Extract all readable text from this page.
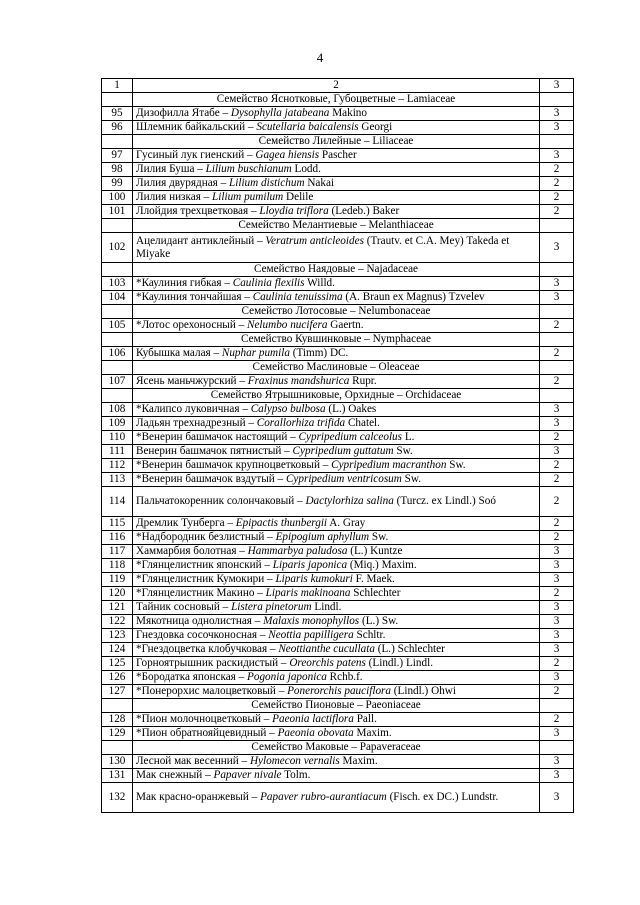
4
1	2	3
	Семейство Яснотковые, Губоцветные – Lamiaceae	
95	Дизофилла Ятабе – Dysophylla jatabeana Makino	3
96	Шлемник байкальский – Scutellaria baicalensis Georgi	3
	Семейство Лилейные – Liliaceae	
97	Гусиный лук гиенский – Gagea hiensis Pascher	3
98	Лилия Буша – Lilium buschianum Lodd.	2
99	Лилия двурядная – Lilium distichum Nakai	2
100	Лилия низкая – Lilium pumilum Delile	2
101	Ллойдия трехцветковая – Lloydia triflora (Ledeb.) Baker	2
	Семейство Мелантиевые – Melanthiaceae	
102	Ацелидант антиклейный – Veratrum anticleoides (Trautv. et C.A. Mey) Takeda et Miyake	3
	Семейство Наядовые – Najadaceae	
103	*Каулиния гибкая – Caulinia flexilis Willd.	3
104	*Каулиния тончайшая – Caulinia tenuissima (A. Braun ex Magnus) Tzvelev	3
	Семейство Лотосовые – Nelumbonaceae	
105	*Лотос орехоносный – Nelumbo nucifera Gaertn.	2
	Семейство Кувшинковые – Nymphaceae	
106	Кубышка малая – Nuphar pumila (Timm) DC.	2
	Семейство Маслиновые – Oleaceae	
107	Ясень маньчжурский – Fraxinus mandshurica Rupr.	2
	Семейство Ятрышниковые, Орхидные – Orchidaceae	
108	*Калипсо луковичная – Calypso bulbosa (L.) Oakes	3
109	Ладьян трехнадрезный – Corallorhiza trifida Chatel.	3
110	*Венерин башмачок настоящий – Cypripedium calceolus L.	2
111	Венерин башмачок пятнистый – Cypripedium guttatum Sw.	3
112	*Венерин башмачок крупноцветковый – Cypripedium macranthon Sw.	2
113	*Венерин башмачок вздутый – Cypripedium ventricosum Sw.	2
114	Пальчатокоренник солончаковый – Dactylorhiza salina (Turcz. ex Lindl.) Soó	2
115	Дремлик Тунберга – Epipactis thunbergii A. Gray	2
116	*Надбородник безлистный – Epipogium aphyllum Sw.	2
117	Хаммарбия болотная – Hammarbya paludosa (L.) Kuntze	3
118	*Глянцелистник японский – Liparis japonica (Miq.) Maxim.	3
119	*Глянцелистник Кумокири – Liparis kumokuri F. Maek.	3
120	*Глянцелистник Макино – Liparis makinoana Schlechter	2
121	Тайник сосновый – Listera pinetorum Lindl.	3
122	Мякотница однолистная – Malaxis monophyllos (L.) Sw.	3
123	Гнездовка сосочконосная – Neottia papilligera Schltr.	3
124	*Гнездоцветка клобучковая – Neottianthe cucullata (L.) Schlechter	3
125	Горноятрышник раскидистый – Oreorchis patens (Lindl.) Lindl.	2
126	*Бородатка японская – Pogonia japonica Rchb.f.	3
127	*Понерорхис малоцветковый – Ponerorchis pauciflora (Lindl.) Ohwi	2
	Семейство Пионовые – Paeoniaceae	
128	*Пион молочноцветковый – Paeonia lactiflora Pall.	2
129	*Пион обратнояйцевидный – Paeonia obovata Maxim.	3
	Семейство Маковые – Papaveraceae	
130	Лесной мак весенний – Hylomecon vernalis Maxim.	3
131	Мак снежный – Papaver nivale Tolm.	3
132	Мак красно-оранжевый – Papaver rubro-aurantiacum (Fisch. ex DC.) Lundstr.	3
